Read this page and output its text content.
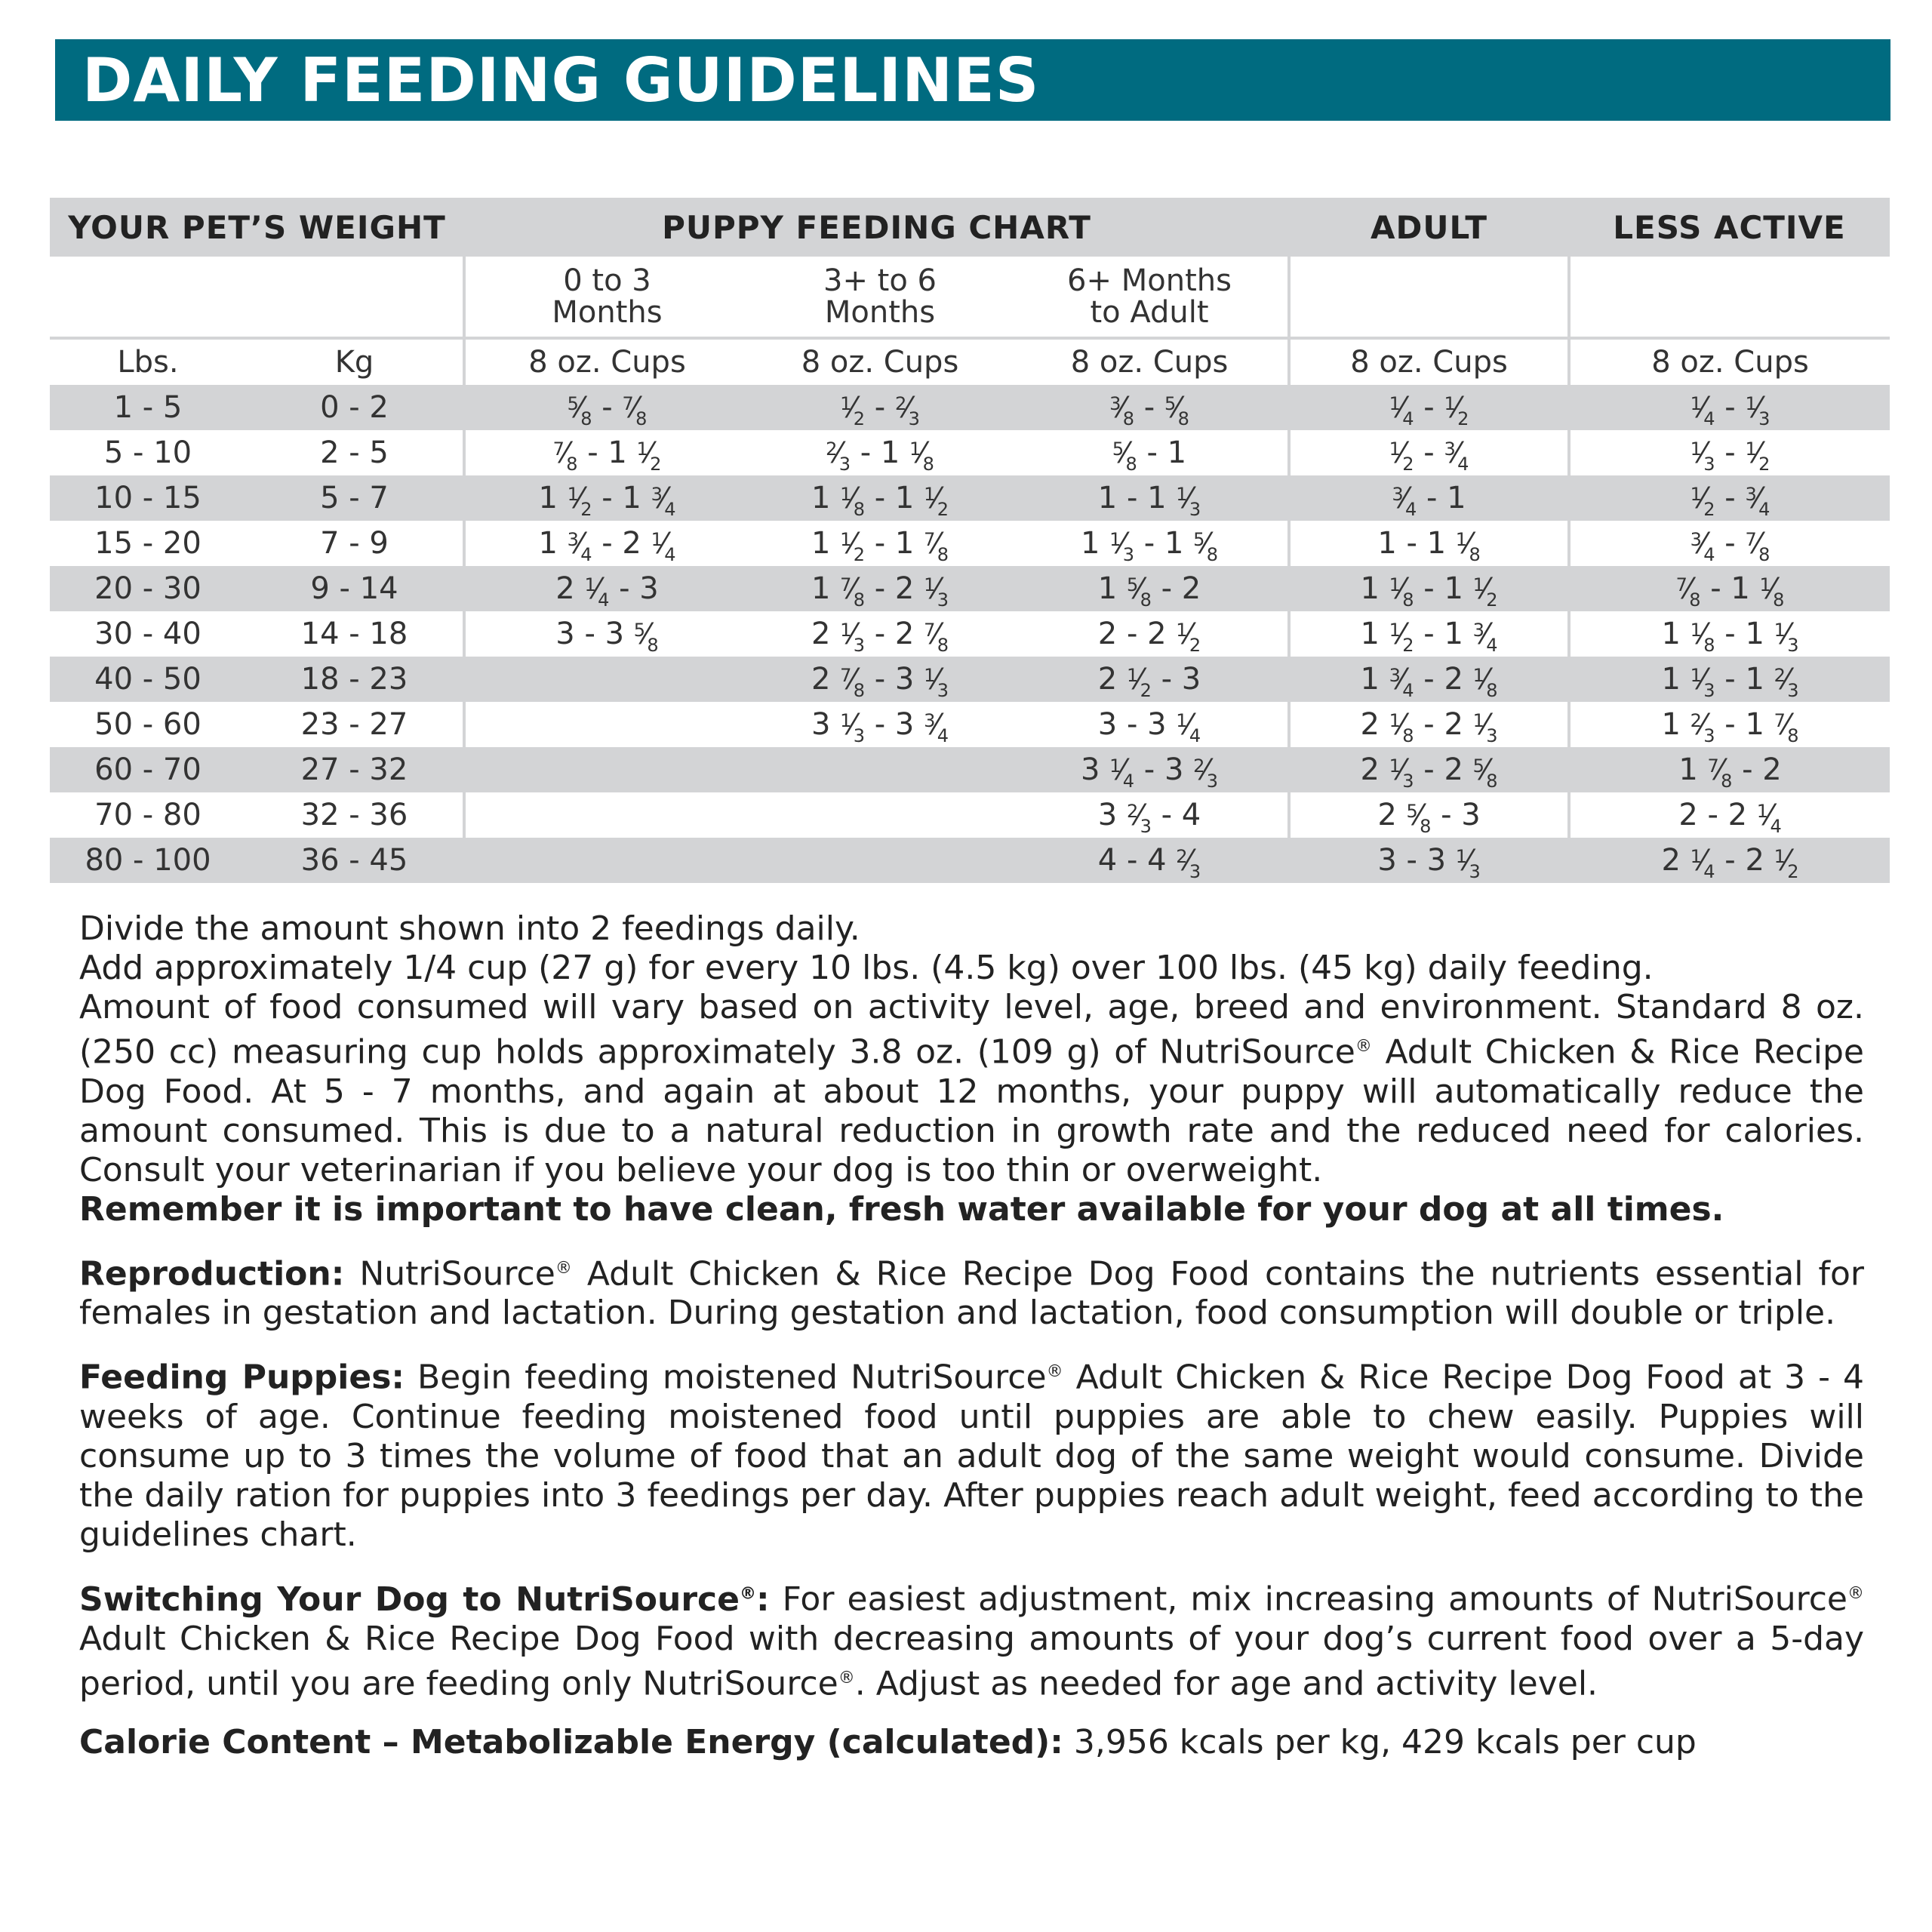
DAILY FEEDING GUIDELINES
YOUR PET’S WEIGHT		PUPPY FEEDING CHART			ADULT	LESS ACTIVE
		0 to 3 Months	3+ to 6 Months	6+ Months to Adult		
Lbs.	Kg	8 oz. Cups	8 oz. Cups	8 oz. Cups	8 oz. Cups	8 oz. Cups
1 - 5	0 - 2	$^5⁄_8$ - $^7⁄_8$	$^1⁄_2$ - $^2⁄_3$	$^3⁄_8$ - $^5⁄_8$	$^1⁄_4$ - $^1⁄_2$	$^1⁄_4$ - $^1⁄_3$
5 - 10	2 - 5	$^7⁄_8 - 1$ $^1⁄_2$	$^2⁄_3 - 1$ $^1⁄_8$	$^5⁄_8 - 1$	$^1⁄_2$ - $^3⁄_4$	$^1⁄_3$ - $^1⁄_2$
10 - 15	5 - 7	1 $^1⁄_2 - 1$ $^3⁄_4$	1 $^1⁄_8 - 1$ $^1⁄_2$	1 - 1 $^1⁄_3$	$^3⁄_4 - 1$	$^1⁄_2$ - $^3⁄_4$
15 - 20	7 - 9	1 $^3⁄_4 - 2$ $^1⁄_4$	1 $^1⁄_2 - 1$ $^7⁄_8$	1 $^1⁄_3 - 1$ $^5⁄_8$	1 - 1 $^1⁄_8$	$^3⁄_4$ - $^7⁄_8$
20 - 30	9 - 14	2 $^1⁄_4 - 3$	1 $^7⁄_8 - 2$ $^1⁄_3$	1 $^5⁄_8 - 2$	1 $^1⁄_8 - 1$ $^1⁄_2$	$^7⁄_8 - 1$ $^1⁄_8$
30 - 40	14 - 18	3 - 3 $^5⁄_8$	2 $^1⁄_3 - 2$ $^7⁄_8$	2 - 2 $^1⁄_2$	1 $^1⁄_2 - 1$ $^3⁄_4$	1 $^1⁄_8 - 1$ $^1⁄_3$
40 - 50	18 - 23		2 $^7⁄_8 - 3$ $^1⁄_3$	2 $^1⁄_2 - 3$	1 $^3⁄_4 - 2$ $^1⁄_8$	1 $^1⁄_3 - 1$ $^2⁄_3$
50 - 60	23 - 27		3 $^1⁄_3 - 3$ $^3⁄_4$	3 - 3 $^1⁄_4$	2 $^1⁄_8 - 2$ $^1⁄_3$	1 $^2⁄_3 - 1$ $^7⁄_8$
60 - 70	27 - 32			3 $^1⁄_4 - 3$ $^2⁄_3$	2 $^1⁄_3 - 2$ $^5⁄_8$	1 $^7⁄_8 - 2$
70 - 80	32 - 36			3 $^2⁄_3 - 4$	2 $^5⁄_8 - 3$	2 - 2 $^1⁄_4$
80 - 100	36 - 45			4 - 4 $^2⁄_3$	3 - 3 $^1⁄_3$	2 $^1⁄_4 - 2$ $^1⁄_2$

Divide the amount shown into 2 feedings daily.

Add approximately 1/4 cup (27 g) for every 10 lbs. (4.5 kg) over 100 lbs. (45 kg) daily feeding.

Amount of food consumed will vary based on activity level, age, breed and environment. Standard 8 oz. (250 cc) measuring cup holds approximately 3.8 oz. (109 g) of NutriSource® Adult Chicken & Rice Recipe Dog Food. At 5 - 7 months, and again at about 12 months, your puppy will automatically reduce the amount consumed. This is due to a natural reduction in growth rate and the reduced need for calories. Consult your veterinarian if you believe your dog is too thin or overweight.

Remember it is important to have clean, fresh water available for your dog at all times.

Reproduction: NutriSource® Adult Chicken & Rice Recipe Dog Food contains the nutrients essential for females in gestation and lactation. During gestation and lactation, food consumption will double or triple.

Feeding Puppies: Begin feeding moistened NutriSource® Adult Chicken & Rice Recipe Dog Food at 3 - 4 weeks of age. Continue feeding moistened food until puppies are able to chew easily. Puppies will consume up to 3 times the volume of food that an adult dog of the same weight would consume. Divide the daily ration for puppies into 3 feedings per day. After puppies reach adult weight, feed according to the guidelines chart.

Switching Your Dog to NutriSource®: For easiest adjustment, mix increasing amounts of NutriSource® Adult Chicken & Rice Recipe Dog Food with decreasing amounts of your dog’s current food over a 5-day period, until you are feeding only NutriSource®. Adjust as needed for age and activity level.

Calorie Content – Metabolizable Energy (calculated): 3,956 kcals per kg, 429 kcals per cup
